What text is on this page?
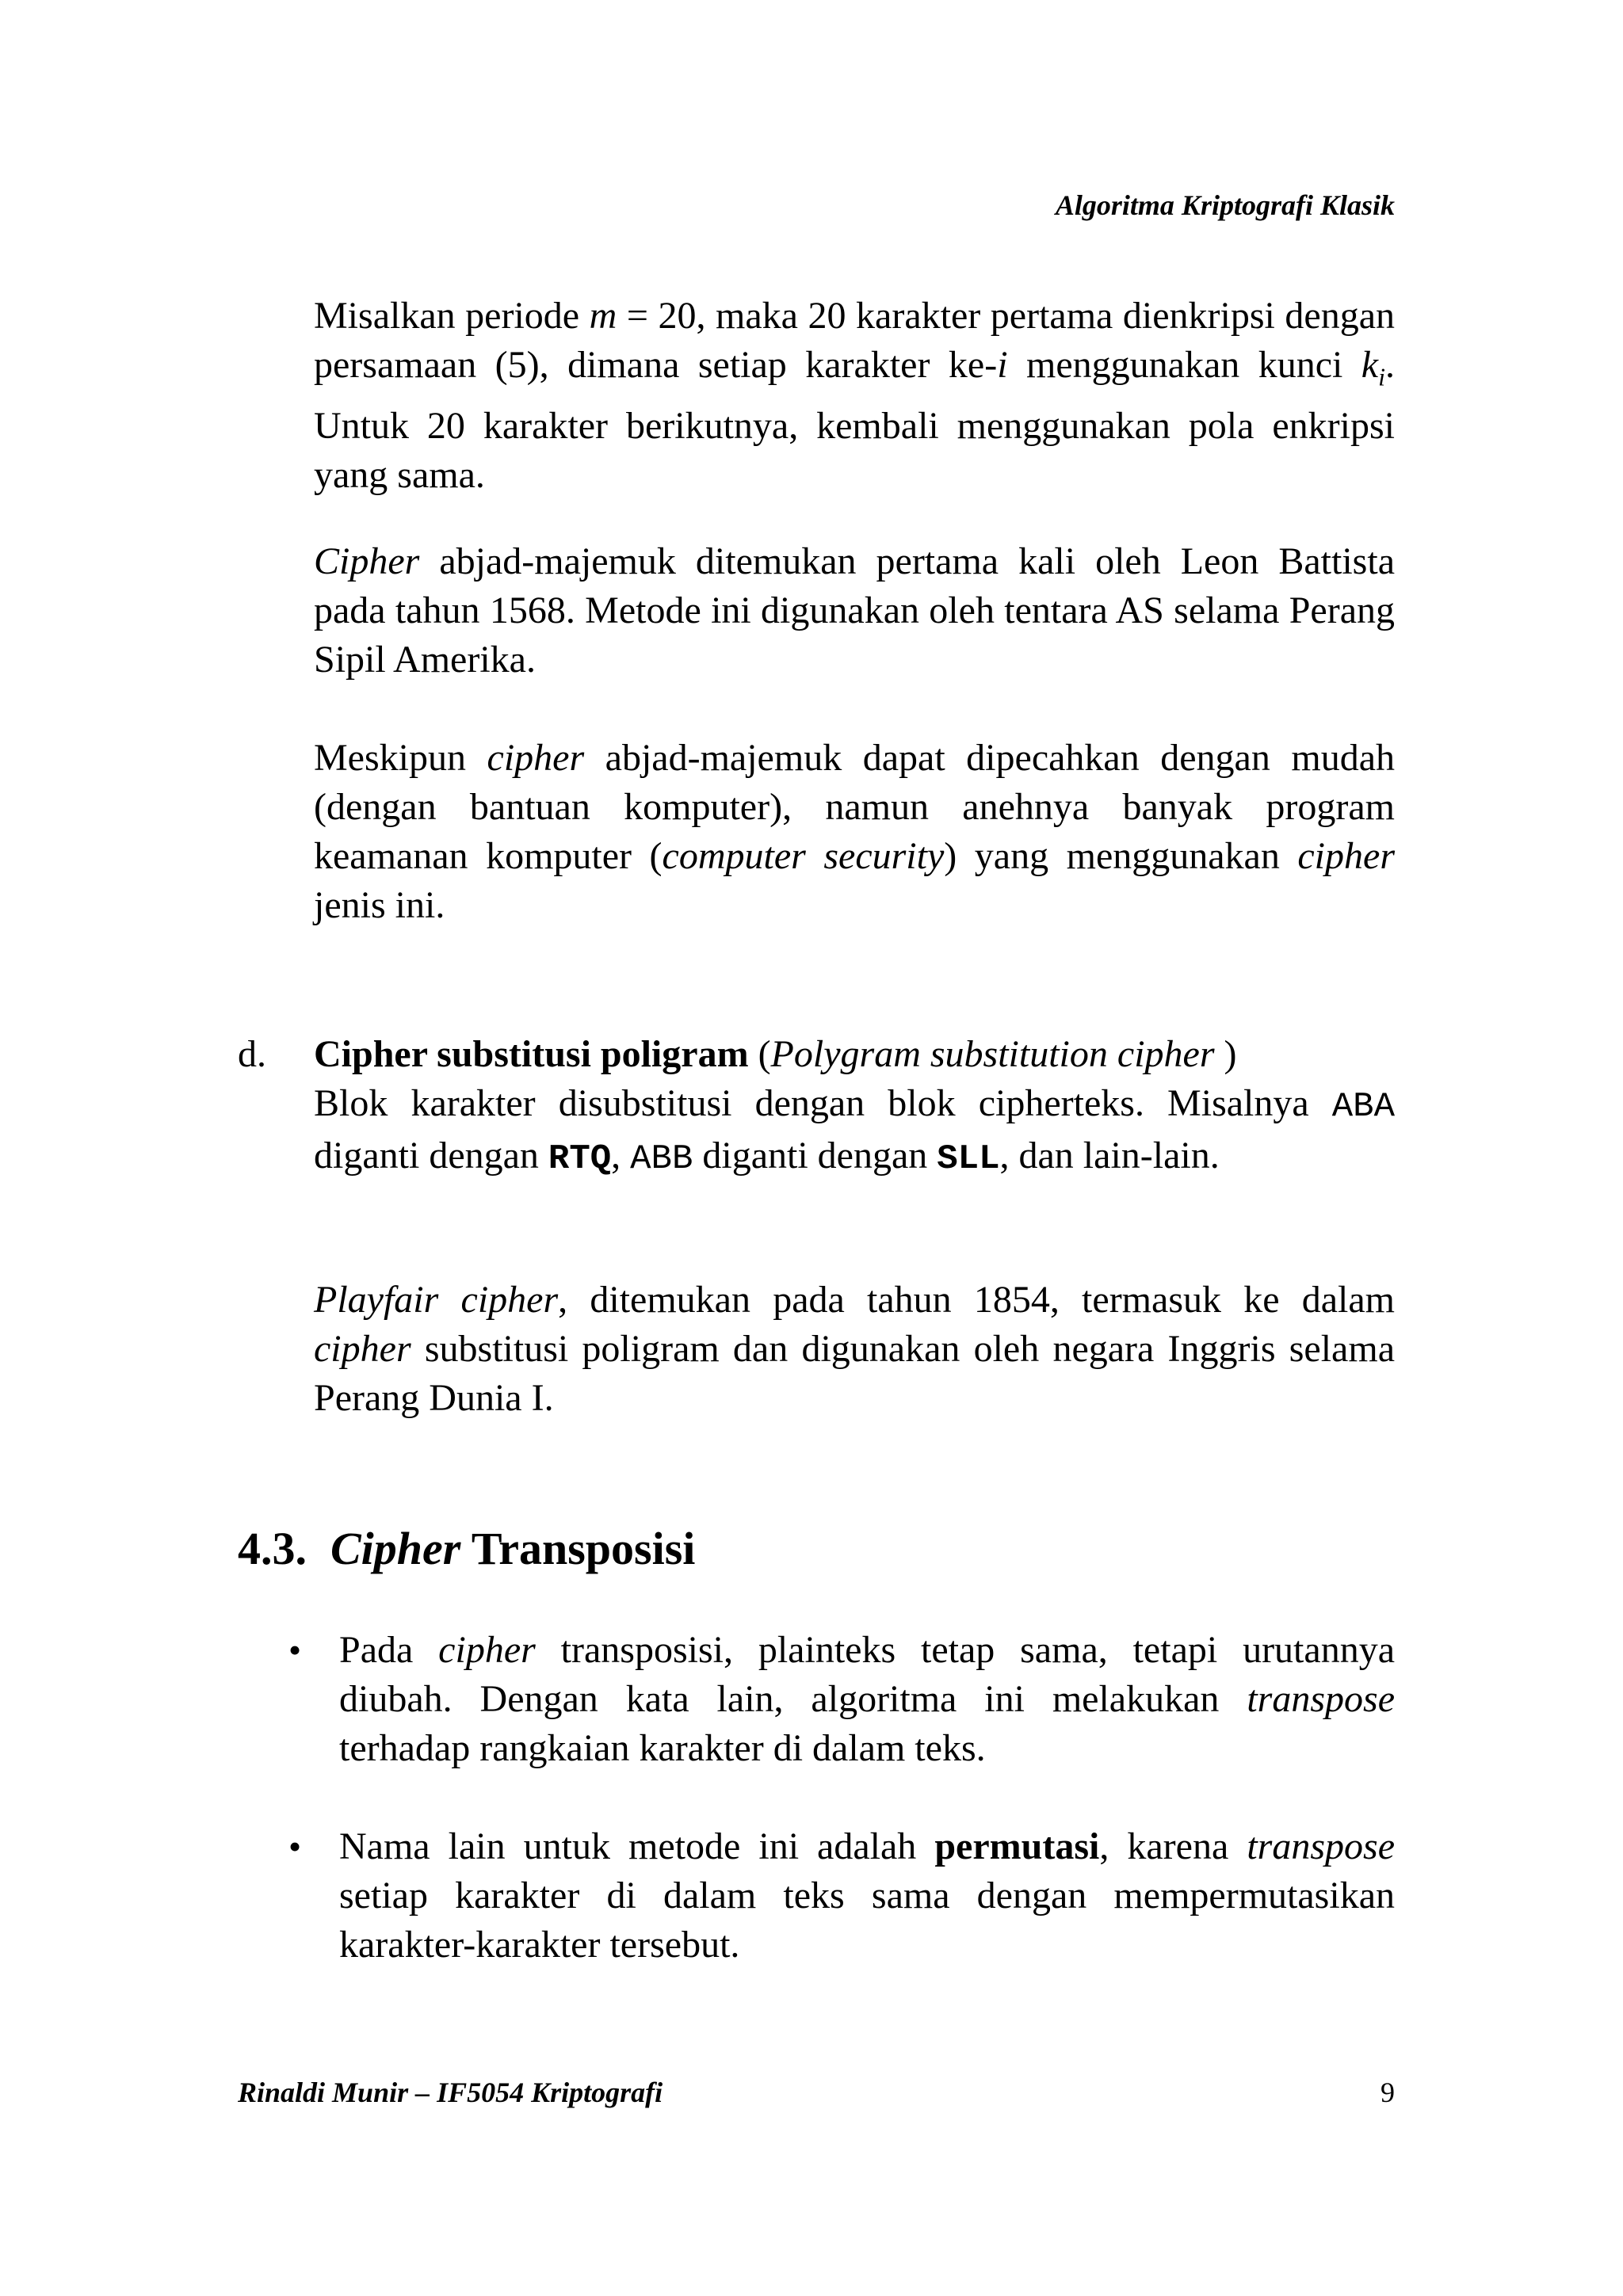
Algoritma Kriptografi Klasik

Misalkan periode m = 20, maka 20 karakter pertama dienkripsi dengan persamaan (5), dimana setiap karakter ke-i menggunakan kunci $k_i$. Untuk 20 karakter berikutnya, kembali menggunakan pola enkripsi yang sama.

Cipher abjad-majemuk ditemukan pertama kali oleh Leon Battista pada tahun 1568. Metode ini digunakan oleh tentara AS selama Perang Sipil Amerika.

Meskipun cipher abjad-majemuk dapat dipecahkan dengan mudah (dengan bantuan komputer), namun anehnya banyak program keamanan komputer (computer security) yang menggunakan cipher jenis ini.

d. Cipher substitusi poligram (Polygram substitution cipher )

Blok karakter disubstitusi dengan blok cipherteks. Misalnya ABA diganti dengan RTQ, ABB diganti dengan SLL, dan lain-lain.

Playfair cipher, ditemukan pada tahun 1854, termasuk ke dalam cipher substitusi poligram dan digunakan oleh negara Inggris selama Perang Dunia I.

4.3. Cipher Transposisi
• Pada cipher transposisi, plainteks tetap sama, tetapi urutannya diubah. Dengan kata lain, algoritma ini melakukan transpose terhadap rangkaian karakter di dalam teks.
• Nama lain untuk metode ini adalah permutasi, karena transpose setiap karakter di dalam teks sama dengan mempermutasikan karakter-karakter tersebut.
Rinaldi Munir – IF5054 Kriptografi	9
